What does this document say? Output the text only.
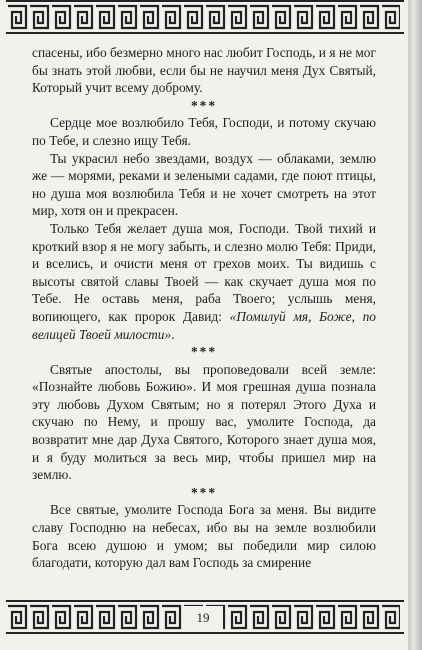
спасены, ибо безмерно много нас любит Господь, и я не мог бы знать этой любви, если бы не научил меня Дух Святый, Который учит всему доброму.

***

Сердце мое возлюбило Тебя, Господи, и потому скучаю по Тебе, и слезно ищу Тебя.

Ты украсил небо звездами, воздух — облаками, землю же — морями, реками и зелеными садами, где поют птицы, но душа моя возлюбила Тебя и не хочет смотреть на этот мир, хотя он и прекрасен.

Только Тебя желает душа моя, Господи. Твой тихий и кроткий взор я не могу забыть, и слезно молю Тебя: Приди, и вселись, и очисти меня от грехов моих. Ты видишь с высоты святой славы Твоей — как скучает душа моя по Тебе. Не оставь меня, раба Твоего; услышь меня, вопиющего, как пророк Давид: «Помилуй мя, Боже, по велицей Твоей милости».

***

Святые апостолы, вы проповедовали всей земле: «Познайте любовь Божию». И моя грешная душа познала эту любовь Духом Святым; но я потерял Этого Духа и скучаю по Нему, и прошу вас, умолите Господа, да возвратит мне дар Духа Святого, Которого знает душа моя, и я буду молиться за весь мир, чтобы пришел мир на землю.

***

Все святые, умолите Господа Бога за меня. Вы видите славу Господню на небесах, ибо вы на земле возлюбили Бога всею душою и умом; вы победили мир силою благодати, которую дал вам Господь за смирение

19
